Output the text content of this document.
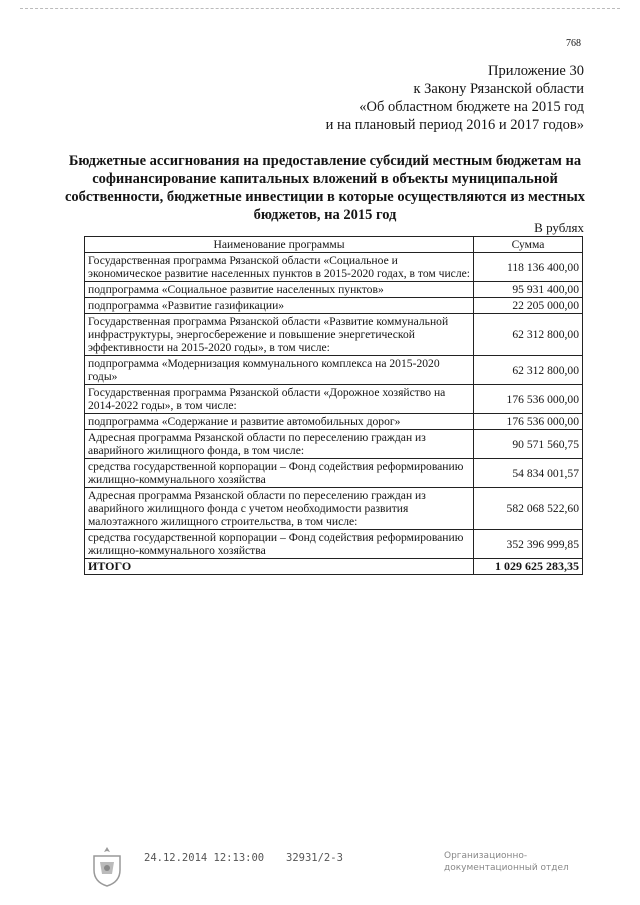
768
Приложение 30
к Закону Рязанской области
«Об областном бюджете на 2015 год
и на плановый период 2016 и 2017 годов»
Бюджетные ассигнования на предоставление субсидий местным бюджетам на софинансирование капитальных вложений в объекты муниципальной собственности, бюджетные инвестиции в которые осуществляются из местных бюджетов, на 2015 год
В рублях
Наименование программы	Сумма
Государственная программа Рязанской области «Социальное и экономическое развитие населенных пунктов в 2015-2020 годах, в том числе:	118 136 400,00
подпрограмма «Социальное развитие населенных пунктов»	95 931 400,00
подпрограмма «Развитие газификации»	22 205 000,00
Государственная программа Рязанской области «Развитие коммунальной инфраструктуры, энергосбережение и повышение энергетической эффективности на 2015-2020 годы», в том числе:	62 312 800,00
подпрограмма «Модернизация коммунального комплекса на 2015-2020 годы»	62 312 800,00
Государственная программа Рязанской области «Дорожное хозяйство на 2014-2022 годы», в том числе:	176 536 000,00
подпрограмма «Содержание и развитие автомобильных дорог»	176 536 000,00
Адресная программа Рязанской области по переселению граждан из аварийного жилищного фонда, в том числе:	90 571 560,75
средства государственной корпорации – Фонд содействия реформированию жилищно-коммунального хозяйства	54 834 001,57
Адресная программа Рязанской области по переселению граждан из аварийного жилищного фонда с учетом необходимости развития малоэтажного жилищного строительства, в том числе:	582 068 522,60
средства государственной корпорации – Фонд содействия реформированию жилищно-коммунального хозяйства	352 396 999,85
ИТОГО	1 029 625 283,35
24.12.2014 12:13:00 32931/2-3	Организационно-
документационный отдел
